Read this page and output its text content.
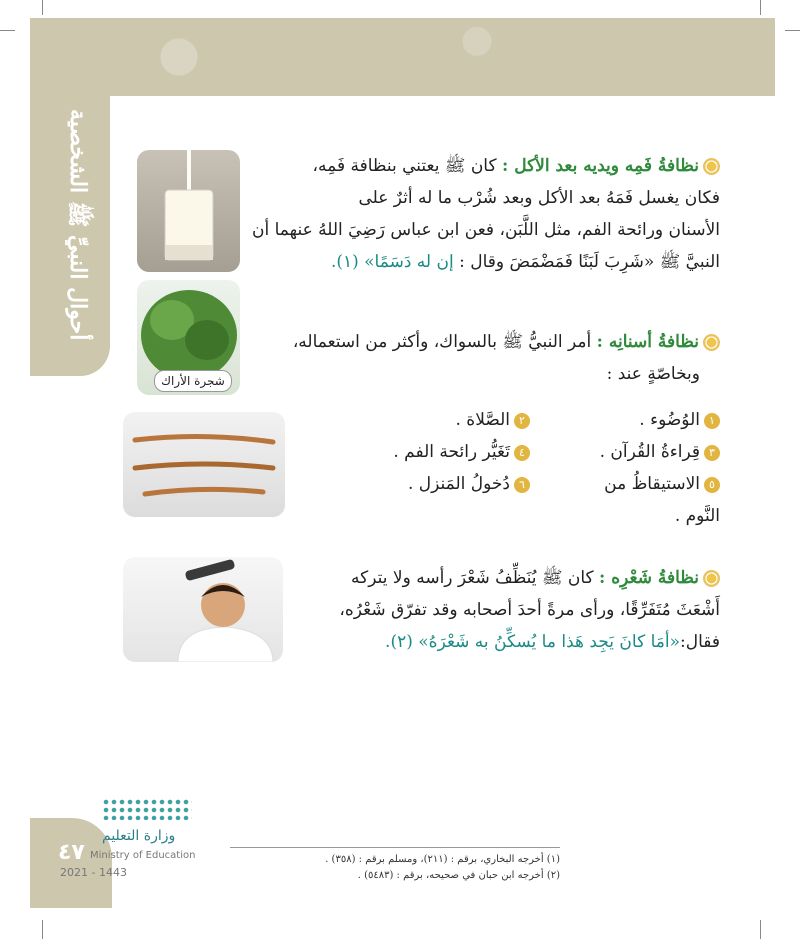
أحوال النبيِّ ﷺ الشخصية
شجرة الأراك
نظافةُ فَمِه ويديه بعد الأكل : كان ﷺ يعتني بنظافة فَمِه،
فكان يغسل فَمَهُ بعد الأكل وبعد شُرْب ما له أثرٌ على
الأسنان ورائحة الفم، مثل اللَّبَن، فعن ابن عباس رَضِيَ اللهُ عنهما أن
النبيَّ ﷺ «شَرِبَ لَبَنًا فَمَضْمَضَ وقال : إن له دَسَمًا» (١).
نظافةُ أسنانِه : أمر النبيُّ ﷺ بالسواك، وأكثر من استعماله،
وبخاصّةٍ عند :
١الوُضُوء .
٢الصَّلاة .
٣قِراءةُ القُرآن .
٤تَغَيُّر رائحة الفم .
٥الاستيقاظُ من النَّوم .
٦دُخولُ المَنزل .
نظافةُ شَعْرِه : كان ﷺ يُنَظِّفُ شَعْرَ رأسه ولا يتركه
أَشْعَثَ مُتَفَرِّقًا، ورأى مرةً أحدَ أصحابه وقد تفرّق شَعْرُه،
فقال:«أمَا كانَ يَجِد هَذا ما يُسكِّنُ به شَعْرَهُ» (٢).
(١) أخرجه البخاري، برقم : (٢١١)، ومسلم برقم : (٣٥٨) .
(٢) أخرجه ابن حبان في صحيحه، برقم : (٥٤٨٣) .
٤٧
وزارة التعليم
Ministry of Education
2021 - 1443
